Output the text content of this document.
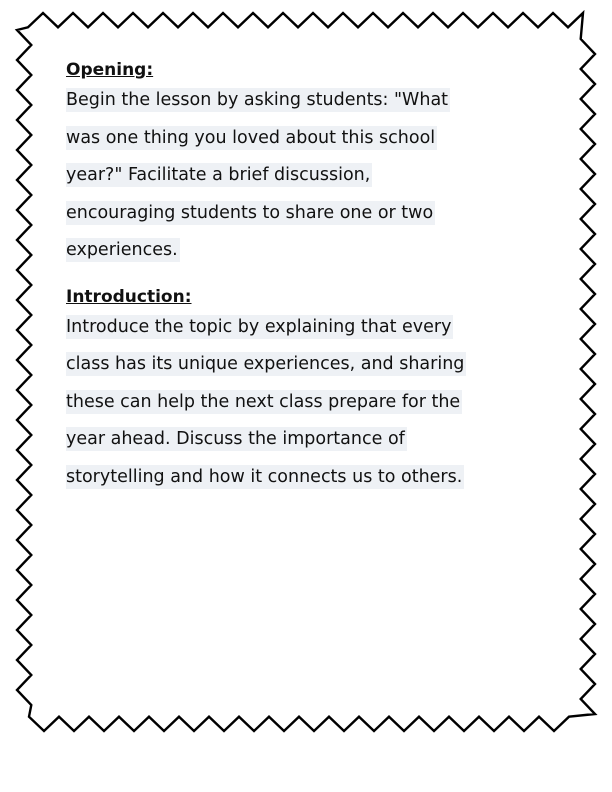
Opening:
Begin the lesson by asking students: "What was one thing you loved about this school year?" Facilitate a brief discussion, encouraging students to share one or two experiences.
Introduction:
Introduce the topic by explaining that every class has its unique experiences, and sharing these can help the next class prepare for the year ahead. Discuss the importance of storytelling and how it connects us to others.
